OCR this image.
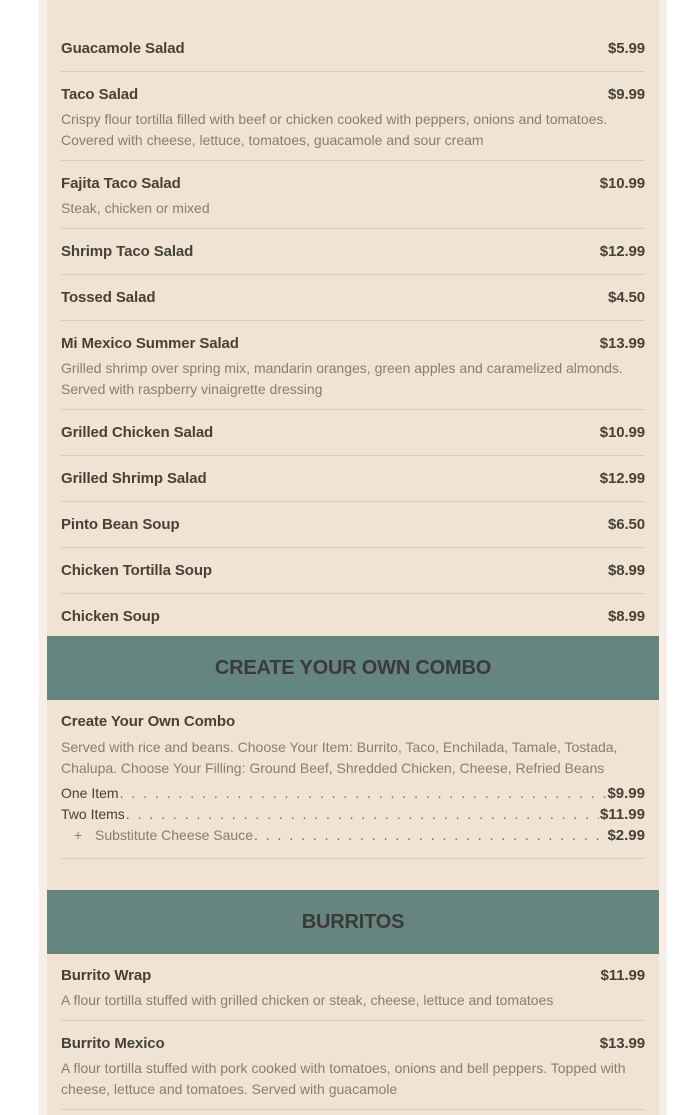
Guacamole Salad	$5.99
Taco Salad	$9.99
Crispy flour tortilla filled with beef or chicken cooked with peppers, onions and tomatoes. Covered with cheese, lettuce, tomatoes, guacamole and sour cream
Fajita Taco Salad	$10.99
Steak, chicken or mixed
Shrimp Taco Salad	$12.99
Tossed Salad	$4.50
Mi Mexico Summer Salad	$13.99
Grilled shrimp over spring mix, mandarin oranges, green apples and caramelized almonds. Served with raspberry vinaigrette dressing
Grilled Chicken Salad	$10.99
Grilled Shrimp Salad	$12.99
Pinto Bean Soup	$6.50
Chicken Tortilla Soup	$8.99
Chicken Soup	$8.99
CREATE YOUR OWN COMBO
Create Your Own Combo
Served with rice and beans. Choose Your Item: Burrito, Taco, Enchilada, Tamale, Tostada, Chalupa. Choose Your Filling: Ground Beef, Shredded Chicken, Cheese, Refried Beans
One Item . . .	$9.99
Two Items . . .	$11.99
+ Substitute Cheese Sauce . . .	$2.99
BURRITOS
Burrito Wrap	$11.99
A flour tortilla stuffed with grilled chicken or steak, cheese, lettuce and tomatoes
Burrito Mexico	$13.99
A flour tortilla stuffed with pork cooked with tomatoes, onions and bell peppers. Topped with cheese, lettuce and tomatoes. Served with guacamole
